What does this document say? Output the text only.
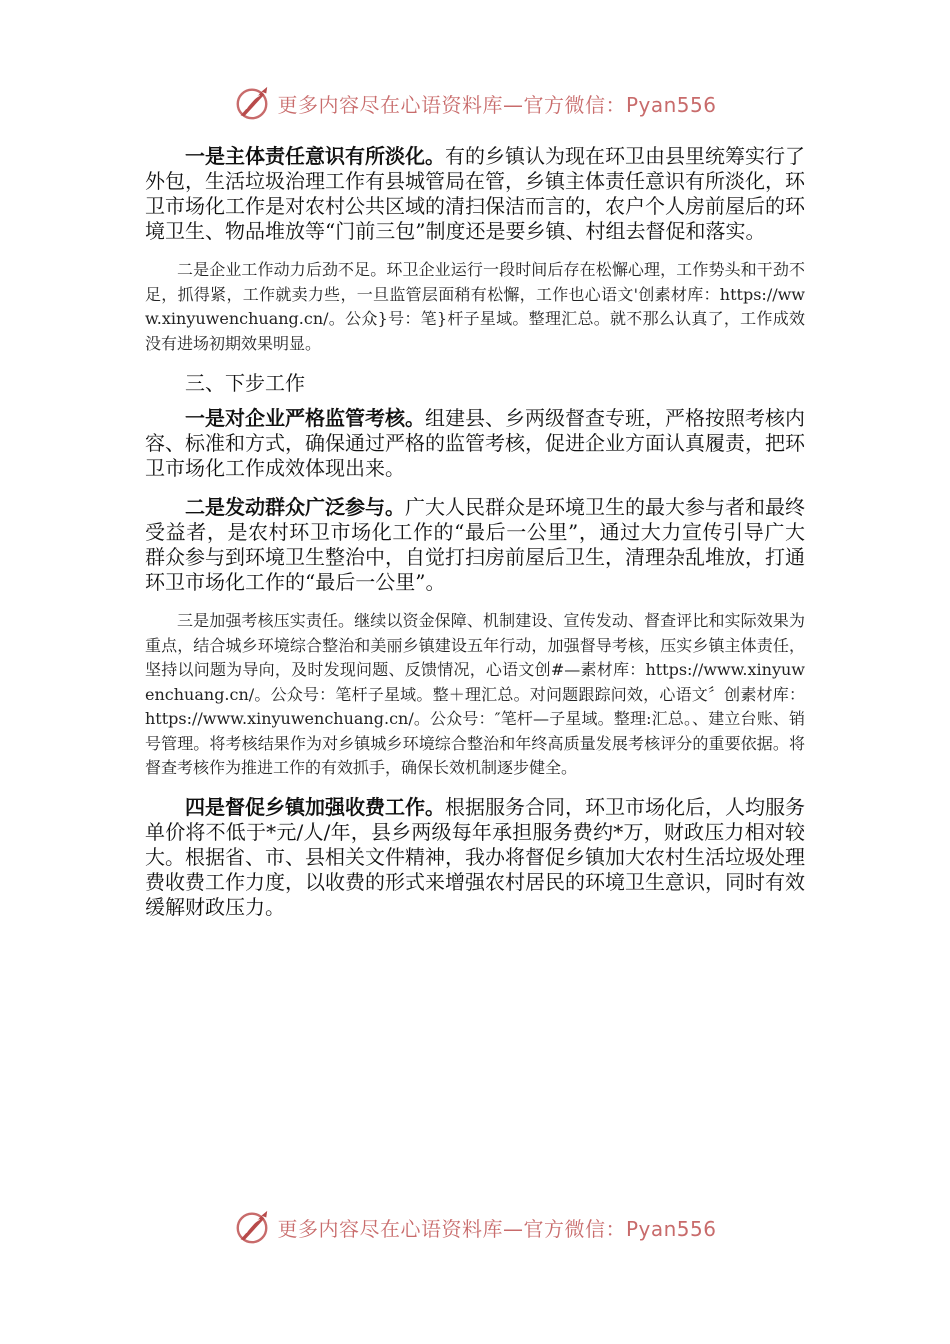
更多内容尽在心语资料库—官方微信：Pyan556

一是主体责任意识有所淡化。有的乡镇认为现在环卫由县里统筹实行了外包，生活垃圾治理工作有县城管局在管，乡镇主体责任意识有所淡化，环卫市场化工作是对农村公共区域的清扫保洁而言的，农户个人房前屋后的环境卫生、物品堆放等“门前三包”制度还是要乡镇、村组去督促和落实。

二是企业工作动力后劲不足。环卫企业运行一段时间后存在松懈心理，工作势头和干劲不足，抓得紧，工作就卖力些，一旦监管层面稍有松懈，工作也心语文'创素材库：https://www.xinyuwenchuang.cn/。公众}号：笔}杆子星域。整理汇总。就不那么认真了，工作成效没有进场初期效果明显。

三、下步工作

一是对企业严格监管考核。组建县、乡两级督查专班，严格按照考核内容、标准和方式，确保通过严格的监管考核，促进企业方面认真履责，把环卫市场化工作成效体现出来。

二是发动群众广泛参与。广大人民群众是环境卫生的最大参与者和最终受益者，是农村环卫市场化工作的“最后一公里”，通过大力宣传引导广大群众参与到环境卫生整治中，自觉打扫房前屋后卫生，清理杂乱堆放，打通环卫市场化工作的“最后一公里”。

三是加强考核压实责任。继续以资金保障、机制建设、宣传发动、督查评比和实际效果为重点，结合城乡环境综合整治和美丽乡镇建设五年行动，加强督导考核，压实乡镇主体责任，坚持以问题为导向，及时发现问题、反馈情况，心语文创#—素材库：https://www.xinyuwenchuang.cn/。公众号：笔杆子星域。整＋理汇总。对问题跟踪问效，心语文〞创素材库：https://www.xinyuwenchuang.cn/。公众号：″笔杆—子星域。整理:汇总。、建立台账、销号管理。将考核结果作为对乡镇城乡环境综合整治和年终高质量发展考核评分的重要依据。将督查考核作为推进工作的有效抓手，确保长效机制逐步健全。

四是督促乡镇加强收费工作。根据服务合同，环卫市场化后，人均服务单价将不低于*元/人/年，县乡两级每年承担服务费约*万，财政压力相对较大。根据省、市、县相关文件精神，我办将督促乡镇加大农村生活垃圾处理费收费工作力度，以收费的形式来增强农村居民的环境卫生意识，同时有效缓解财政压力。

更多内容尽在心语资料库—官方微信：Pyan556
